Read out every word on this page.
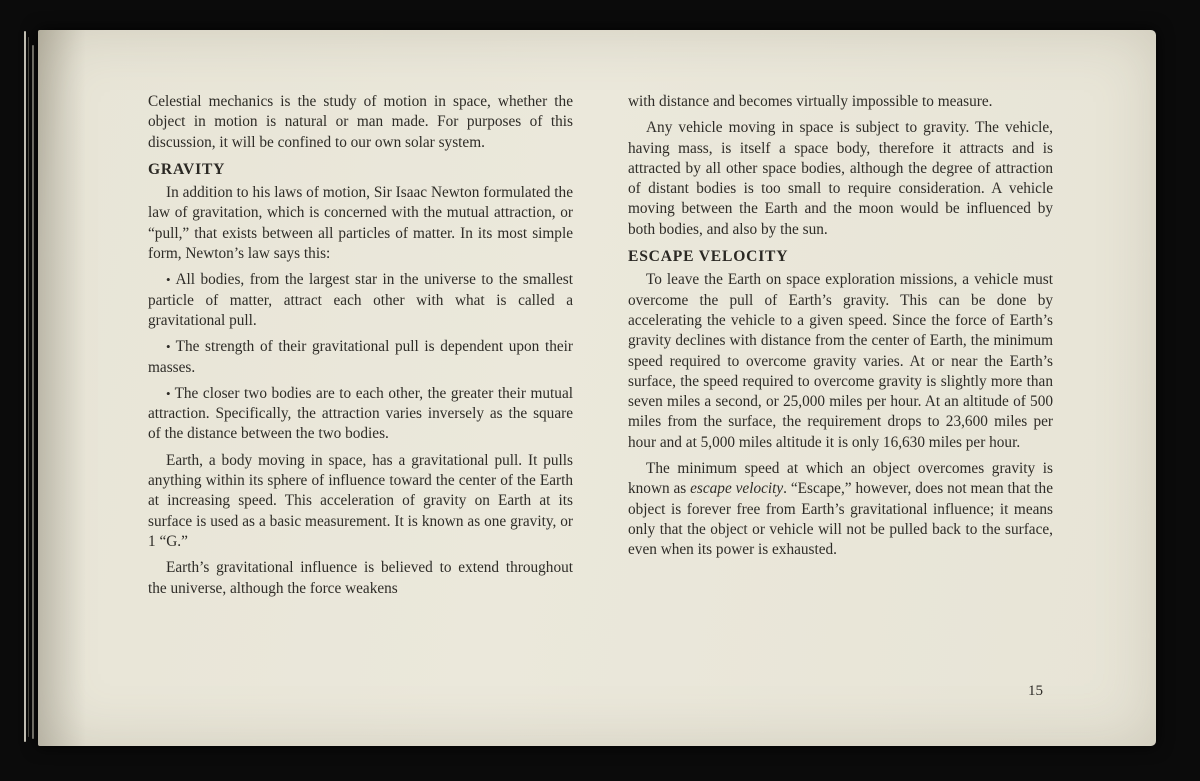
Celestial mechanics is the study of motion in space, whether the object in motion is natural or man made. For purposes of this discussion, it will be confined to our own solar system.

GRAVITY

In addition to his laws of motion, Sir Isaac Newton formulated the law of gravitation, which is concerned with the mutual attraction, or “pull,” that exists between all particles of matter. In its most simple form, Newton’s law says this:

• All bodies, from the largest star in the universe to the smallest particle of matter, attract each other with what is called a gravitational pull.

• The strength of their gravitational pull is dependent upon their masses.

• The closer two bodies are to each other, the greater their mutual attraction. Specifically, the attraction varies inversely as the square of the distance between the two bodies.

Earth, a body moving in space, has a gravitational pull. It pulls anything within its sphere of influence toward the center of the Earth at increasing speed. This acceleration of gravity on Earth at its surface is used as a basic measurement. It is known as one gravity, or 1 “G.”

Earth’s gravitational influence is believed to extend throughout the universe, although the force weakens

with distance and becomes virtually impossible to measure.

Any vehicle moving in space is subject to gravity. The vehicle, having mass, is itself a space body, therefore it attracts and is attracted by all other space bodies, although the degree of attraction of distant bodies is too small to require consideration. A vehicle moving between the Earth and the moon would be influenced by both bodies, and also by the sun.

ESCAPE VELOCITY

To leave the Earth on space exploration missions, a vehicle must overcome the pull of Earth’s gravity. This can be done by accelerating the vehicle to a given speed. Since the force of Earth’s gravity declines with distance from the center of Earth, the minimum speed required to overcome gravity varies. At or near the Earth’s surface, the speed required to overcome gravity is slightly more than seven miles a second, or 25,000 miles per hour. At an altitude of 500 miles from the surface, the requirement drops to 23,600 miles per hour and at 5,000 miles altitude it is only 16,630 miles per hour.

The minimum speed at which an object overcomes gravity is known as escape velocity. “Escape,” however, does not mean that the object is forever free from Earth’s gravitational influence; it means only that the object or vehicle will not be pulled back to the surface, even when its power is exhausted.

15
